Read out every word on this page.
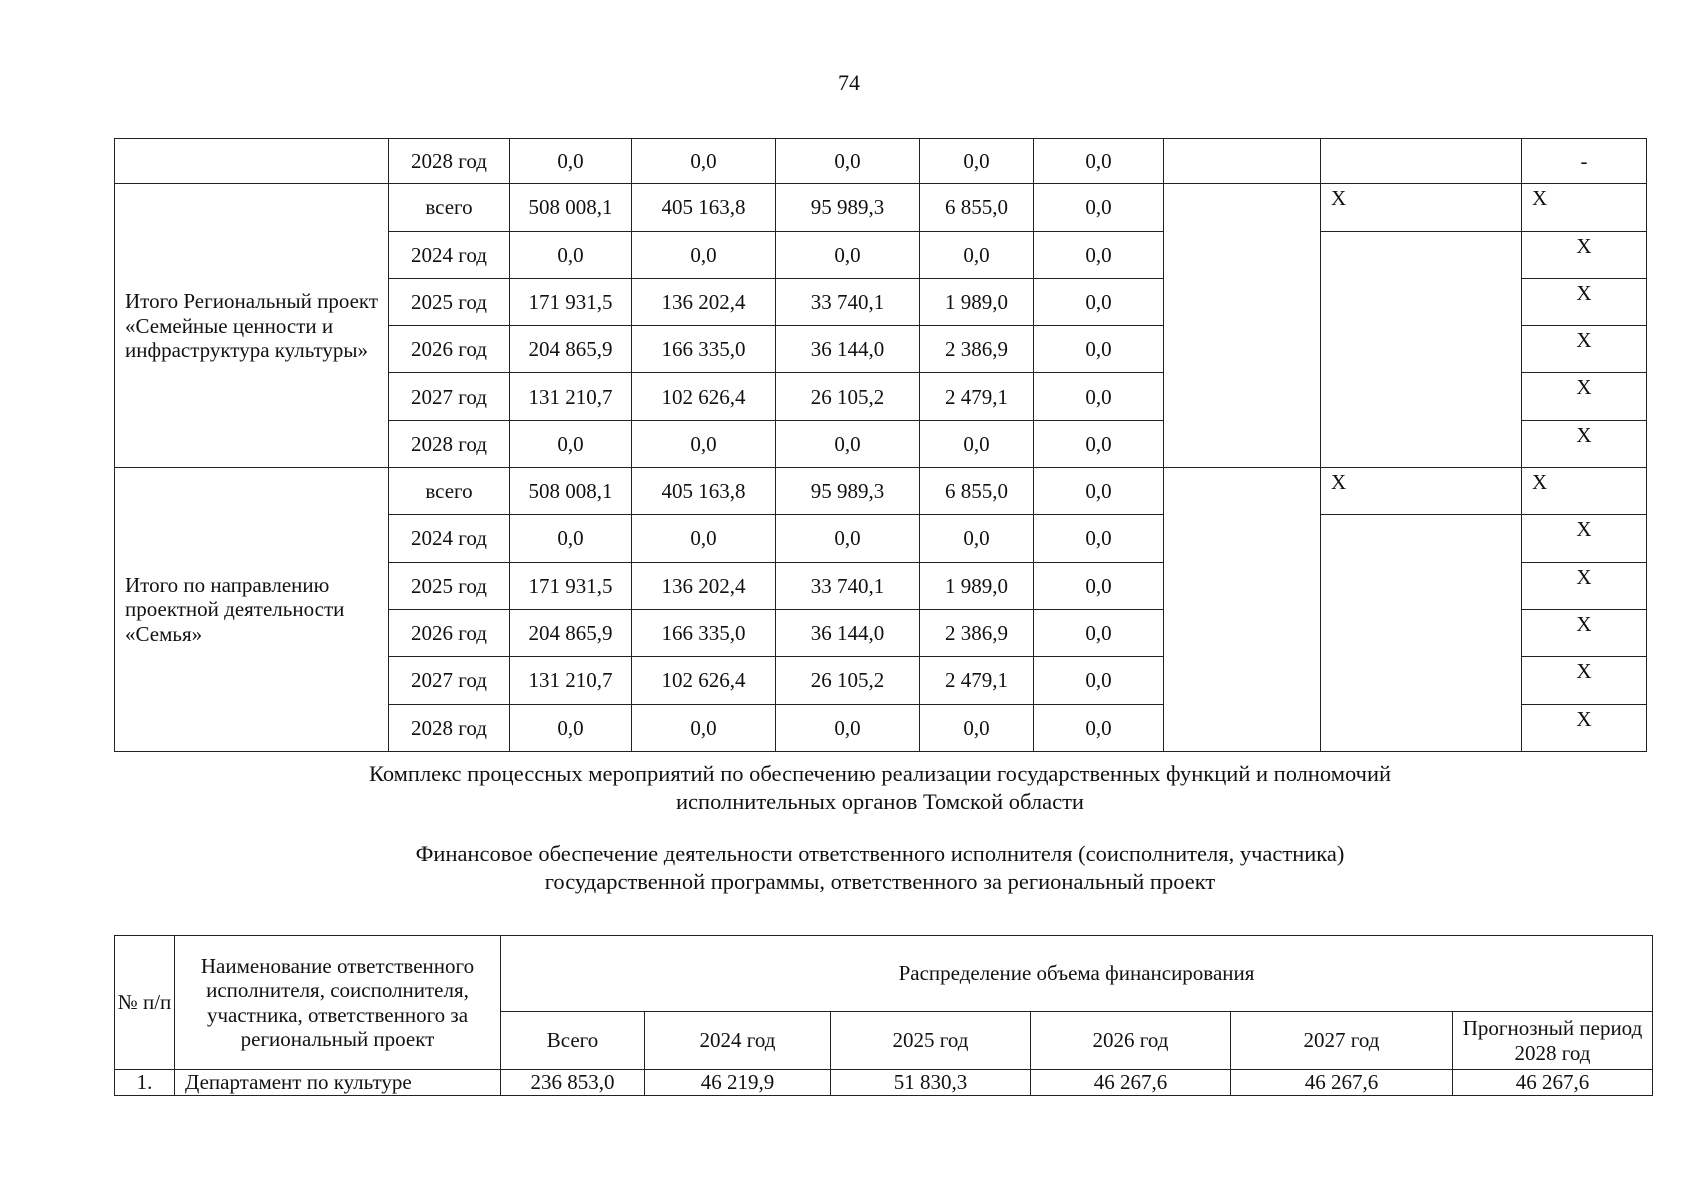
74
	2028 год	0,0	0,0	0,0	0,0	0,0			-
Итого Региональный проект «Семейные ценности и инфраструктура культуры»	всего	508 008,1	405 163,8	95 989,3	6 855,0	0,0		X	X
	2024 год	0,0	0,0	0,0	0,0	0,0			X
	2025 год	171 931,5	136 202,4	33 740,1	1 989,0	0,0			X
	2026 год	204 865,9	166 335,0	36 144,0	2 386,9	0,0			X
	2027 год	131 210,7	102 626,4	26 105,2	2 479,1	0,0			X
	2028 год	0,0	0,0	0,0	0,0	0,0			X
Итого по направлению проектной деятельности «Семья»	всего	508 008,1	405 163,8	95 989,3	6 855,0	0,0		X	X
	2024 год	0,0	0,0	0,0	0,0	0,0			X
	2025 год	171 931,5	136 202,4	33 740,1	1 989,0	0,0			X
	2026 год	204 865,9	166 335,0	36 144,0	2 386,9	0,0			X
	2027 год	131 210,7	102 626,4	26 105,2	2 479,1	0,0			X
	2028 год	0,0	0,0	0,0	0,0	0,0			X
Комплекс процессных мероприятий по обеспечению реализации государственных функций и полномочий
исполнительных органов Томской области
Финансовое обеспечение деятельности ответственного исполнителя (соисполнителя, участника)
государственной программы, ответственного за региональный проект
№ п/п	Наименование ответственного исполнителя, соисполнителя, участника, ответственного за региональный проект	Распределение объема финансирования					
		Всего	2024 год	2025 год	2026 год	2027 год	Прогнозный период 2028 год
1.	Департамент по культуре	236 853,0	46 219,9	51 830,3	46 267,6	46 267,6	46 267,6
